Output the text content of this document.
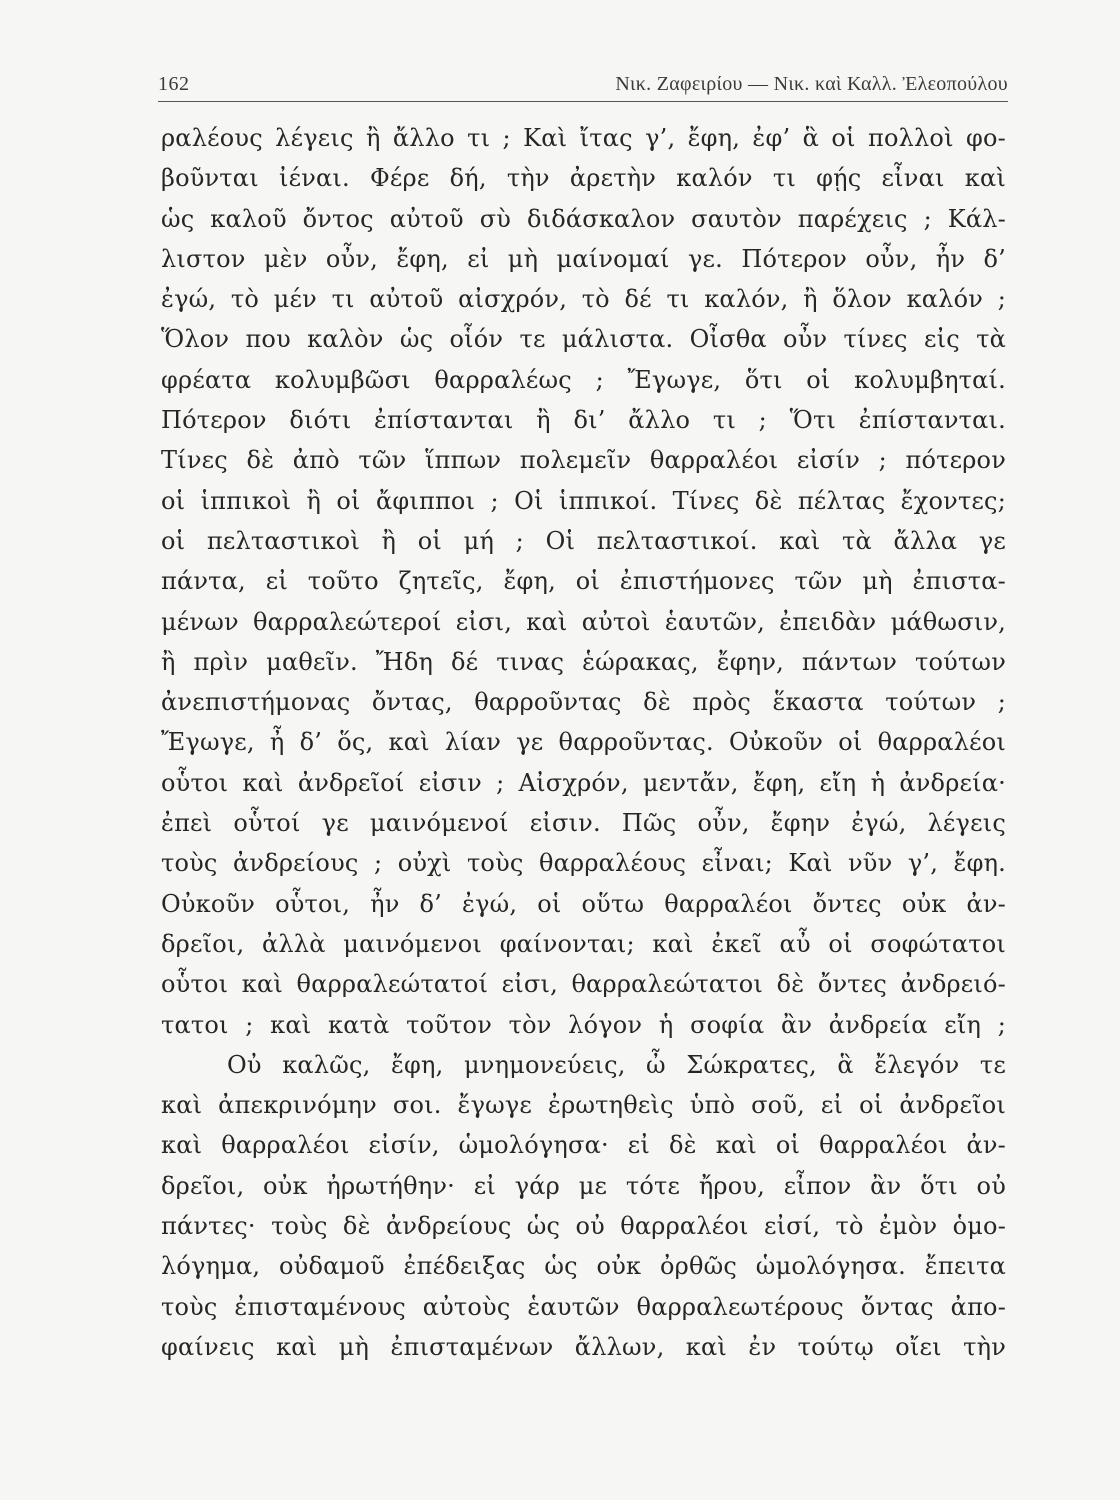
162	Νικ. Ζαφειρίου — Νικ. καὶ Καλλ. Ἐλεοπούλου
ραλέους λέγεις ἢ ἄλλο τι ; Καὶ ἴτας γ’, ἔφη, ἐφ’ ἃ οἱ πολλοὶ φο-
βοῦνται ἰέναι. Φέρε δή, τὴν ἀρετὴν καλόν τι φῄς εἶναι καὶ
ὡς καλοῦ ὄντος αὐτοῦ σὺ διδάσκαλον σαυτὸν παρέχεις ; Κάλ-
λιστον μὲν οὖν, ἔφη, εἰ μὴ μαίνομαί γε. Πότερον οὖν, ἦν δ’
ἐγώ, τὸ μέν τι αὐτοῦ αἰσχρόν, τὸ δέ τι καλόν, ἢ ὅλον καλόν ;
Ὅλον που καλὸν ὡς οἷόν τε μάλιστα. Οἶσθα οὖν τίνες εἰς τὰ
φρέατα κολυμβῶσι θαρραλέως ; Ἔγωγε, ὅτι οἱ κολυμβηταί.
Πότερον διότι ἐπίστανται ἢ δι’ ἄλλο τι ; Ὅτι ἐπίστανται.
Τίνες δὲ ἀπὸ τῶν ἵππων πολεμεῖν θαρραλέοι εἰσίν ; πότερον
οἱ ἱππικοὶ ἢ οἱ ἄφιπποι ; Οἱ ἱππικοί. Τίνες δὲ πέλτας ἔχοντες;
οἱ πελταστικοὶ ἢ οἱ μή ; Οἱ πελταστικοί. καὶ τὰ ἄλλα γε
πάντα, εἰ τοῦτο ζητεῖς, ἔφη, οἱ ἐπιστήμονες τῶν μὴ ἐπιστα-
μένων θαρραλεώτεροί εἰσι, καὶ αὐτοὶ ἑαυτῶν, ἐπειδὰν μάθωσιν,
ἢ πρὶν μαθεῖν. Ἤδη δέ τινας ἑώρακας, ἔφην, πάντων τούτων
ἀνεπιστήμονας ὄντας, θαρροῦντας δὲ πρὸς ἕκαστα τούτων ;
Ἔγωγε, ἦ δ’ ὅς, καὶ λίαν γε θαρροῦντας. Οὐκοῦν οἱ θαρραλέοι
οὗτοι καὶ ἀνδρεῖοί εἰσιν ; Αἰσχρόν, μεντἄν, ἔφη, εἴη ἡ ἀνδρεία·
ἐπεὶ οὗτοί γε μαινόμενοί εἰσιν. Πῶς οὖν, ἔφην ἐγώ, λέγεις
τοὺς ἀνδρείους ; οὐχὶ τοὺς θαρραλέους εἶναι; Καὶ νῦν γ’, ἔφη.
Οὐκοῦν οὗτοι, ἦν δ’ ἐγώ, οἱ οὕτω θαρραλέοι ὄντες οὐκ ἀν-
δρεῖοι, ἀλλὰ μαινόμενοι φαίνονται; καὶ ἐκεῖ αὖ οἱ σοφώτατοι
οὗτοι καὶ θαρραλεώτατοί εἰσι, θαρραλεώτατοι δὲ ὄντες ἀνδρειό-
τατοι ; καὶ κατὰ τοῦτον τὸν λόγον ἡ σοφία ἂν ἀνδρεία εἴη ;
Οὐ καλῶς, ἔφη, μνημονεύεις, ὦ Σώκρατες, ἃ ἔλεγόν τε
καὶ ἀπεκρινόμην σοι. ἔγωγε ἐρωτηθεὶς ὑπὸ σοῦ, εἰ οἱ ἀνδρεῖοι
καὶ θαρραλέοι εἰσίν, ὡμολόγησα· εἰ δὲ καὶ οἱ θαρραλέοι ἀν-
δρεῖοι, οὐκ ἠρωτήθην· εἰ γάρ με τότε ἤρου, εἶπον ἂν ὅτι οὐ
πάντες· τοὺς δὲ ἀνδρείους ὡς οὐ θαρραλέοι εἰσί, τὸ ἐμὸν ὁμο-
λόγημα, οὐδαμοῦ ἐπέδειξας ὡς οὐκ ὀρθῶς ὡμολόγησα. ἔπειτα
τοὺς ἐπισταμένους αὐτοὺς ἑαυτῶν θαρραλεωτέρους ὄντας ἀπο-
φαίνεις καὶ μὴ ἐπισταμένων ἄλλων, καὶ ἐν τούτῳ οἴει τὴν
